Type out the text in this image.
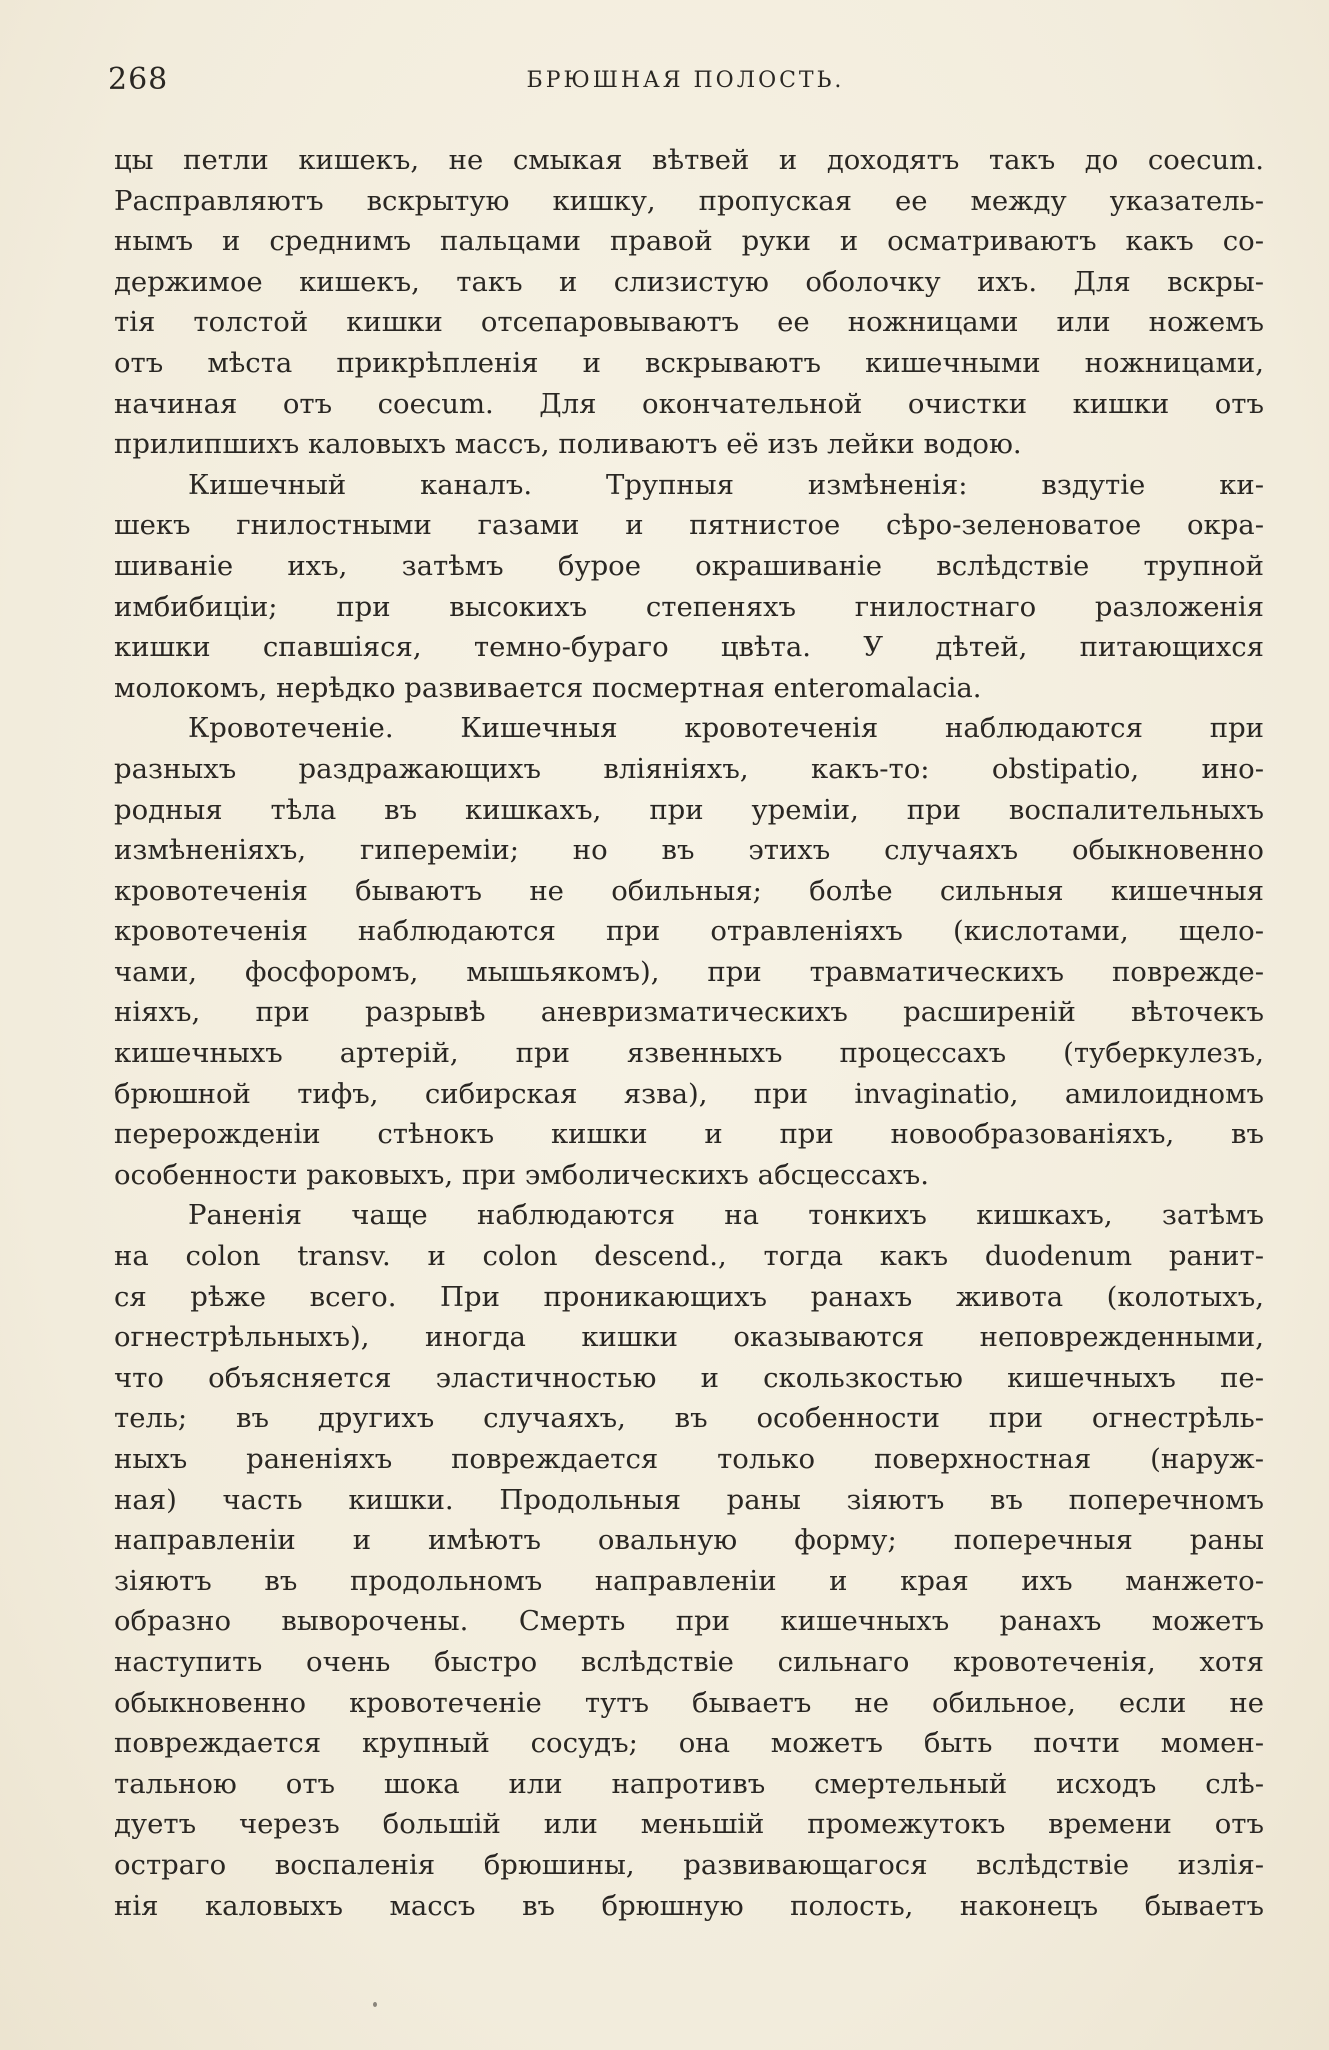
268	БРЮШНАЯ ПОЛОСТЬ.
цы петли кишекъ, не смыкая вѣтвей и доходятъ такъ до coecum.
Расправляютъ вскрытую кишку, пропуская ее между указатель-
нымъ и среднимъ пальцами правой руки и осматриваютъ какъ со-
держимое кишекъ, такъ и слизистую оболочку ихъ. Для вскры-
тія толстой кишки отсепаровываютъ ее ножницами или ножемъ
отъ мѣста прикрѣпленія и вскрываютъ кишечными ножницами,
начиная отъ coecum. Для окончательной очистки кишки отъ
прилипшихъ каловыхъ массъ, поливаютъ её изъ лейки водою.
Кишечный каналъ. Трупныя измѣненія: вздутіе ки-
шекъ гнилостными газами и пятнистое сѣро-зеленоватое окра-
шиваніе ихъ, затѣмъ бурое окрашиваніе вслѣдствіе трупной
имбибиціи; при высокихъ степеняхъ гнилостнаго разложенія
кишки спавшіяся, темно-бураго цвѣта. У дѣтей, питающихся
молокомъ, нерѣдко развивается посмертная enteromalacia.
Кровотеченіе. Кишечныя кровотеченія наблюдаются при
разныхъ раздражающихъ вліяніяхъ, какъ-то: obstipatio, ино-
родныя тѣла въ кишкахъ, при уреміи, при воспалительныхъ
измѣненіяхъ, гипереміи; но въ этихъ случаяхъ обыкновенно
кровотеченія бываютъ не обильныя; болѣе сильныя кишечныя
кровотеченія наблюдаются при отравленіяхъ (кислотами, щело-
чами, фосфоромъ, мышьякомъ), при травматическихъ поврежде-
ніяхъ, при разрывѣ аневризматическихъ расширеній вѣточекъ
кишечныхъ артерій, при язвенныхъ процессахъ (туберкулезъ,
брюшной тифъ, сибирская язва), при invaginatio, амилоидномъ
перерожденіи стѣнокъ кишки и при новообразованіяхъ, въ
особенности раковыхъ, при эмболическихъ абсцессахъ.
Раненія чаще наблюдаются на тонкихъ кишкахъ, затѣмъ
на colon transv. и colon descend., тогда какъ duodenum ранит-
ся рѣже всего. При проникающихъ ранахъ живота (колотыхъ,
огнестрѣльныхъ), иногда кишки оказываются неповрежденными,
что объясняется эластичностью и скользкостью кишечныхъ пе-
тель; въ другихъ случаяхъ, въ особенности при огнестрѣль-
ныхъ раненіяхъ повреждается только поверхностная (наруж-
ная) часть кишки. Продольныя раны зіяютъ въ поперечномъ
направленіи и имѣютъ овальную форму; поперечныя раны
зіяютъ въ продольномъ направленіи и края ихъ манжето-
образно выворочены. Смерть при кишечныхъ ранахъ можетъ
наступить очень быстро вслѣдствіе сильнаго кровотеченія, хотя
обыкновенно кровотеченіе тутъ бываетъ не обильное, если не
повреждается крупный сосудъ; она можетъ быть почти момен-
тальною отъ шока или напротивъ смертельный исходъ слѣ-
дуетъ черезъ большій или меньшій промежутокъ времени отъ
остраго воспаленія брюшины, развивающагося вслѣдствіе излія-
нія каловыхъ массъ въ брюшную полость, наконецъ бываетъ
